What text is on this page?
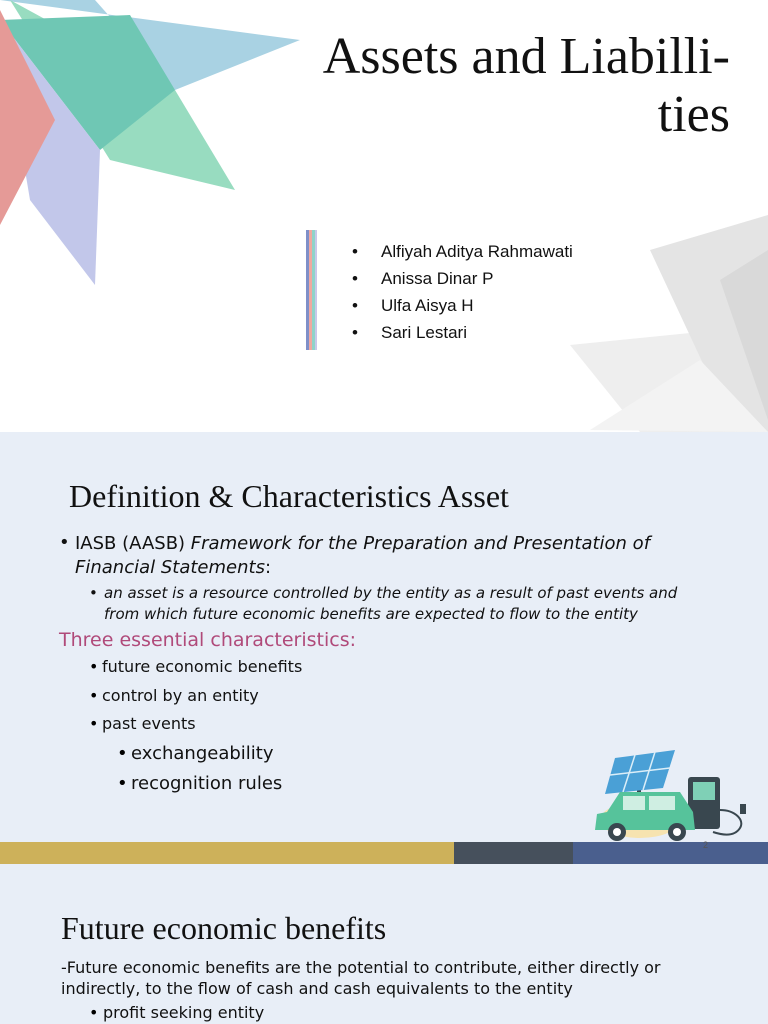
Assets and Liabilli-
ties
• Alfiyah Aditya Rahmawati
• Anissa Dinar P
• Ulfa Aisya H
• Sari Lestari
Definition & Characteristics Asset
• IASB (AASB) Framework for the Preparation and Presentation of
Financial Statements:
• an asset is a resource controlled by the entity as a result of past events and
from which future economic benefits are expected to flow to the entity
Three essential characteristics:
• future economic benefits
• control by an entity
• past events
• exchangeability
• recognition rules
2
Future economic benefits
-Future economic benefits are the potential to contribute, either directly or
indirectly, to the flow of cash and cash equivalents to the entity
• profit seeking entity
